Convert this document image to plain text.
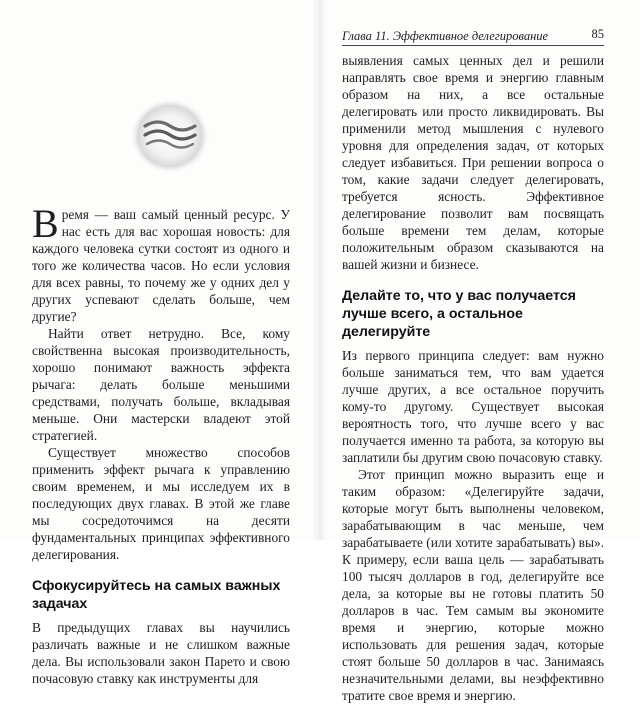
Время — ваш самый ценный ресурс. У нас есть для вас хорошая новость: для каждого человека сутки состоят из одного и того же количества часов. Но если условия для всех равны, то почему же у одних дел у других успевают сделать больше, чем другие?

Найти ответ нетрудно. Все, кому свойственна высокая производительность, хорошо понимают важность эффекта рычага: делать больше меньшими средствами, получать больше, вкладывая меньше. Они мастерски владеют этой стратегией.

Существует множество способов применить эффект рычага к управлению своим временем, и мы исследуем их в последующих двух главах. В этой же главе мы сосредоточимся на десяти фундаментальных принципах эффективного делегирования.

Сфокусируйтесь на самых важных задачах

В предыдущих главах вы научились различать важные и не слишком важные дела. Вы использовали закон Парето и свою почасовую ставку как инструменты для

Глава 11. Эффективное делегирование	85

выявления самых ценных дел и решили направлять свое время и энергию главным образом на них, а все остальные делегировать или просто ликвидировать. Вы применили метод мышления с нулевого уровня для определения задач, от которых следует избавиться. При решении вопроса о том, какие задачи следует делегировать, требуется ясность. Эффективное делегирование позволит вам посвящать больше времени тем делам, которые положительным образом сказываются на вашей жизни и бизнесе.

Делайте то, что у вас получается лучше всего, а остальное делегируйте

Из первого принципа следует: вам нужно больше заниматься тем, что вам удается лучше других, а все остальное поручить кому-то другому. Существует высокая вероятность того, что лучше всего у вас получается именно та работа, за которую вы заплатили бы другим свою почасовую ставку.

Этот принцип можно выразить еще и таким образом: «Делегируйте задачи, которые могут быть выполнены человеком, зарабатывающим в час меньше, чем зарабатываете (или хотите зарабатывать) вы». К примеру, если ваша цель — зарабатывать 100 тысяч долларов в год, делегируйте все дела, за которые вы не готовы платить 50 долларов в час. Тем самым вы экономите время и энергию, которые можно использовать для решения задач, которые стоят больше 50 долларов в час. Занимаясь незначительными делами, вы неэффективно тратите свое время и энергию.
